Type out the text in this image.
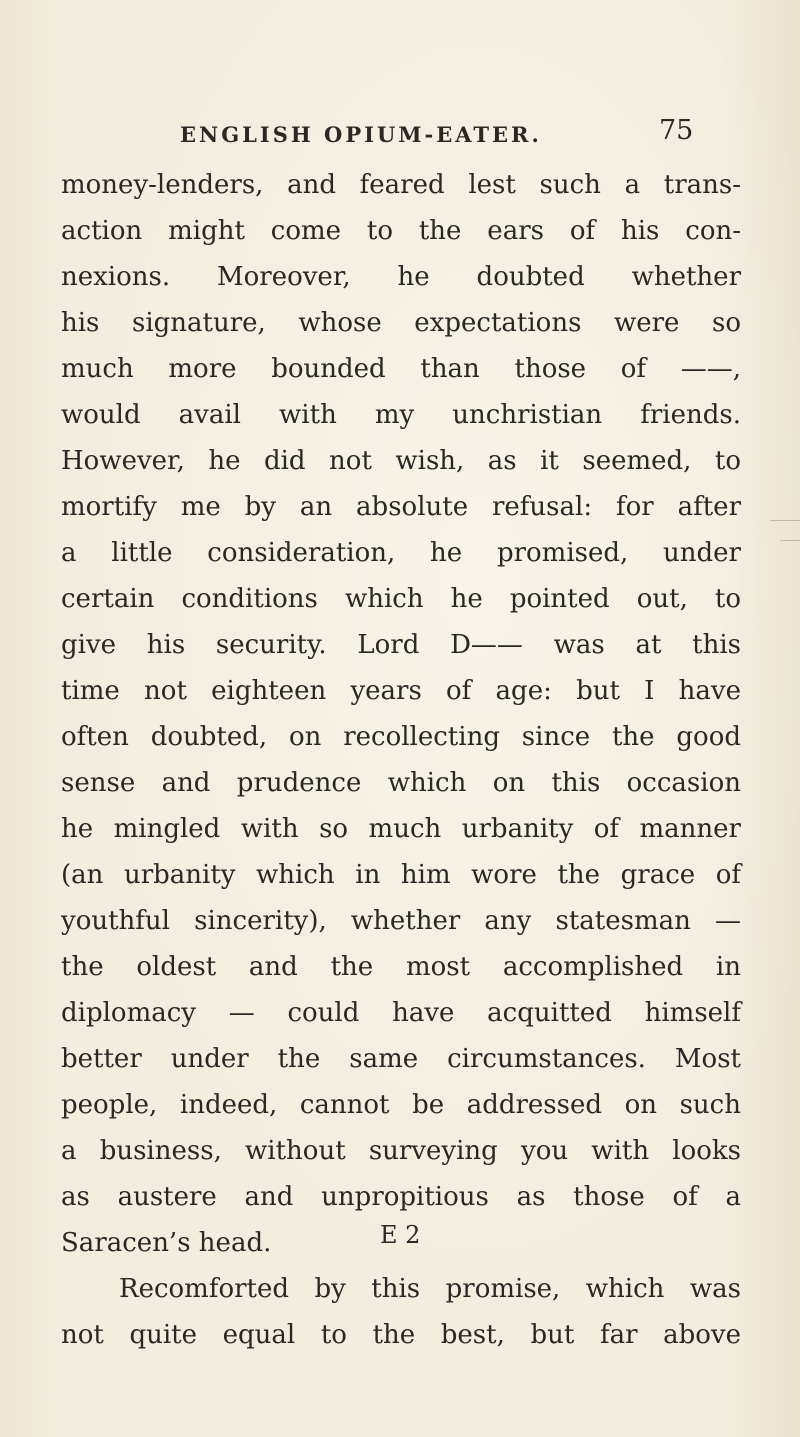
ENGLISH OPIUM-EATER.	75
money-lenders, and feared lest such a trans-
action might come to the ears of his con-
nexions. Moreover, he doubted whether
his signature, whose expectations were so
much more bounded than those of ——,
would avail with my unchristian friends.
However, he did not wish, as it seemed, to
mortify me by an absolute refusal: for after
a little consideration, he promised, under
certain conditions which he pointed out, to
give his security. Lord D—— was at this
time not eighteen years of age: but I have
often doubted, on recollecting since the good
sense and prudence which on this occasion
he mingled with so much urbanity of manner
(an urbanity which in him wore the grace of
youthful sincerity), whether any statesman —
the oldest and the most accomplished in
diplomacy — could have acquitted himself
better under the same circumstances. Most
people, indeed, cannot be addressed on such
a business, without surveying you with looks
as austere and unpropitious as those of a
Saracen’s head.
Recomforted by this promise, which was
not quite equal to the best, but far above
E 2
